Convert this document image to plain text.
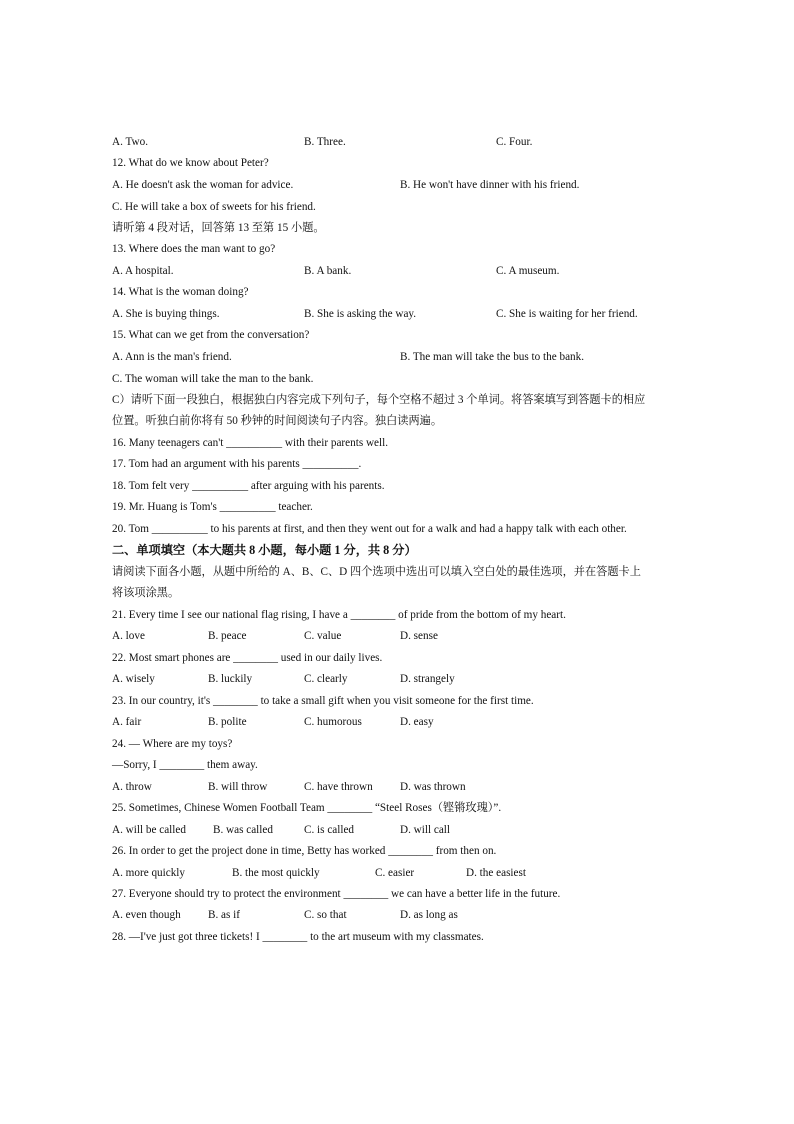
A. Two.	B. Three.	C. Four.
12. What do we know about Peter?
A. He doesn't ask the woman for advice.	B. He won't have dinner with his friend.
C. He will take a box of sweets for his friend.
请听第 4 段对话，回答第 13 至第 15 小题。
13. Where does the man want to go?
A. A hospital.	B. A bank.	C. A museum.
14. What is the woman doing?
A. She is buying things.	B. She is asking the way.	C. She is waiting for her friend.
15. What can we get from the conversation?
A. Ann is the man's friend.	B. The man will take the bus to the bank.
C. The woman will take the man to the bank.
C）请听下面一段独白，根据独白内容完成下列句子，每个空格不超过 3 个单词。将答案填写到答题卡的相应
位置。听独白前你将有 50 秒钟的时间阅读句子内容。独白读两遍。
16. Many teenagers can't __________ with their parents well.
17. Tom had an argument with his parents __________.
18. Tom felt very __________ after arguing with his parents.
19. Mr. Huang is Tom's __________ teacher.
20. Tom __________ to his parents at first, and then they went out for a walk and had a happy talk with each other.
二、单项填空（本大题共 8 小题，每小题 1 分，共 8 分）
请阅读下面各小题，从题中所给的 A、B、C、D 四个选项中选出可以填入空白处的最佳选项，并在答题卡上
将该项涂黑。
21. Every time I see our national flag rising, I have a ________ of pride from the bottom of my heart.
A. love	B. peace	C. value	D. sense
22. Most smart phones are ________ used in our daily lives.
A. wisely	B. luckily	C. clearly	D. strangely
23. In our country, it's ________ to take a small gift when you visit someone for the first time.
A. fair	B. polite	C. humorous	D. easy
24. — Where are my toys?
—Sorry, I ________ them away.
A. throw	B. will throw	C. have thrown D. was thrown
25. Sometimes, Chinese Women Football Team ________ “Steel Roses（铿锵玫瑰）”.
A. will be called B. was called	C. is called	D. will call
26. In order to get the project done in time, Betty has worked ________ from then on.
A. more quickly	B. the most quickly	C. easier	D. the easiest
27. Everyone should try to protect the environment ________ we can have a better life in the future.
A. even though B. as if	C. so that	D. as long as
28. —I've just got three tickets! I ________ to the art museum with my classmates.
